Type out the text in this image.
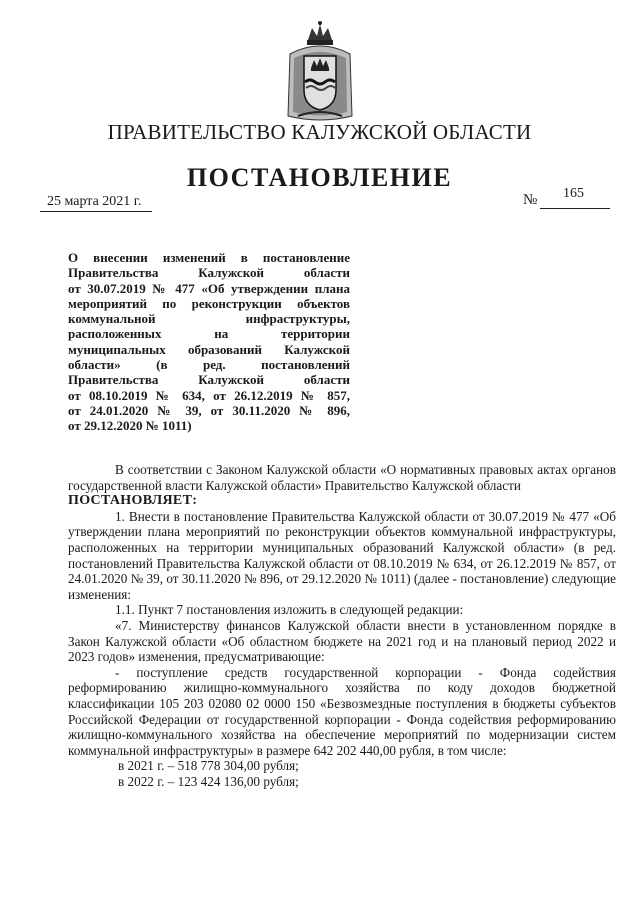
ПРАВИТЕЛЬСТВО КАЛУЖСКОЙ ОБЛАСТИ
ПОСТАНОВЛЕНИЕ
25 марта 2021 г.	№ 165
О внесении изменений в постановление
Правительства Калужской области
от 30.07.2019 № 477 «Об утверждении плана
мероприятий по реконструкции объектов
коммунальной инфраструктуры,
расположенных на территории
муниципальных образований Калужской
области» (в ред. постановлений
Правительства Калужской области
от 08.10.2019 № 634, от 26.12.2019 № 857,
от 24.01.2020 № 39, от 30.11.2020 № 896,
от 29.12.2020 № 1011)

В соответствии с Законом Калужской области «О нормативных правовых актах органов государственной власти Калужской области» Правительство Калужской области

ПОСТАНОВЛЯЕТ:

1. Внести в постановление Правительства Калужской области от 30.07.2019 № 477 «Об утверждении плана мероприятий по реконструкции объектов коммунальной инфраструктуры, расположенных на территории муниципальных образований Калужской области» (в ред. постановлений Правительства Калужской области от 08.10.2019 № 634, от 26.12.2019 № 857, от 24.01.2020 № 39, от 30.11.2020 № 896, от 29.12.2020 № 1011) (далее - постановление) следующие изменения:

1.1. Пункт 7 постановления изложить в следующей редакции:

«7. Министерству финансов Калужской области внести в установленном порядке в Закон Калужской области «Об областном бюджете на 2021 год и на плановый период 2022 и 2023 годов» изменения, предусматривающие:

- поступление средств государственной корпорации - Фонда содействия реформированию жилищно-коммунального хозяйства по коду доходов бюджетной классификации 105 203 02080 02 0000 150 «Безвозмездные поступления в бюджеты субъектов Российской Федерации от государственной корпорации - Фонда содействия реформированию жилищно-коммунального хозяйства на обеспечение мероприятий по модернизации систем коммунальной инфраструктуры» в размере 642 202 440,00 рубля, в том числе:

в 2021 г. – 518 778 304,00 рубля;

в 2022 г. – 123 424 136,00 рубля;
